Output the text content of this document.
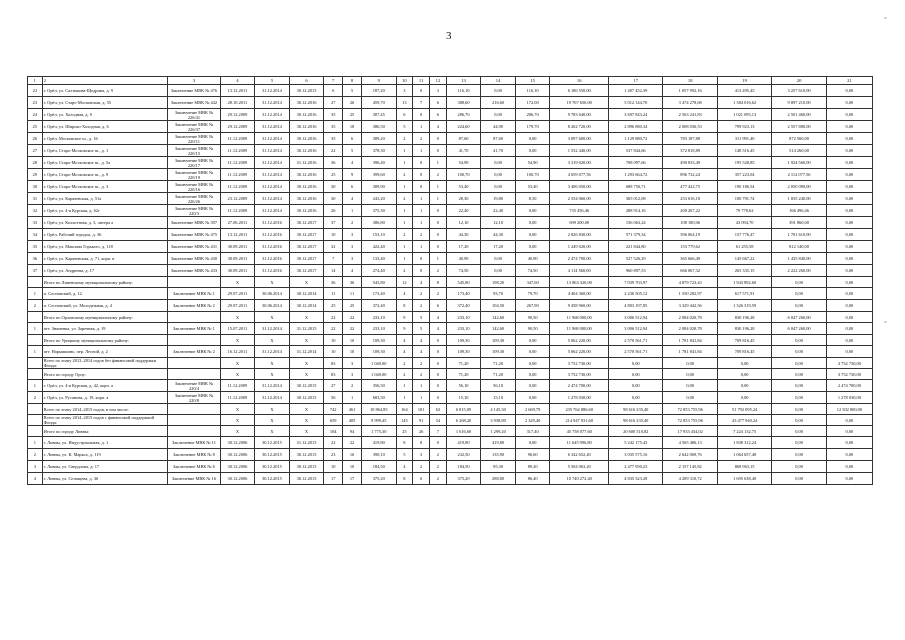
3
˚
˚
1	2	3	4	5	6	7	8	9	10	11	12	13	14	15	16	17	18	19	20	21
22	г. Орёл, ул. Салтыкова-Щедрина, д. 9	Заключение МВК № 476	13.12.2011	31.12.2014	30.12.2015	6	5	187,20	3	0	3	116,10	0,00	116,10	6 186 550,00	1 407 452,39	1 057 992,16	413 495,45	3 257 610,00	0,00
23	г. Орёл, ул. Старо-Московская, д. 55	Заключение МВК № 442	28.10.2011	31.12.2014	30.12.2016	27	26	459,70	13	7	6	388,60	216,60	172,00	19 767 650,00	5 012 144,70	3 474 278,68	1 384 016,62	9 897 210,00	0,00
24	г. Орёл, ул. Холодная, д. 9	Заключение МВК № 226/41	29.12.2009	31.12.2014	30.12.2016	35	25	387,45	6	0	6	286,70	0,00	286,70	9 783 640,00	3 697 843,24	2 563 241,83	1 021 095,13	2 501 460,00	0,00
25	г. Орёл, ул. Широко-Холодная, д. 6	Заключение МВК № 226/37	29.12.2009	31.12.2014	30.12.2016	35	18	386,50	5	1	4	224,60	44,90	179,70	8 262 720,00	2 896 880,34	2 008 036,53	799 923,13	2 557 880,00	0,00
26	г. Орёл, Московское ш., д. 16	Заключение МВК № 220/11	11.12.2009	31.12.2014	30.12.2016	35	6	389,20	2	2	0	87,60	87,60	0,00	3 097 600,00	1 129 880,72	783 187,88	311 991,40	872 560,00	0,00
27	г. Орёл, Старо-Московское ш., д. 1	Заключение МВК № 220/15	11.12.2009	31.12.2014	30.12.2016	22	5	378,30	1	1	0	41,70	41,70	0,00	1 532 440,00	537 844,66	372 818,89	148 516,45	514 260,00	0,00
28	г. Орёл, Старо-Московское ш., д. 5а	Заключение МВК № 220/17	11.12.2009	31.12.2014	31.12.2016	36	4	396,40	1	0	1	54,90	0,00	54,90	3 319 020,00	708 097,66	490 833,49	195 528,85	1 924 560,00	0,00
29	г. Орёл, Старо-Московское ш., д. 9	Заключение МВК № 220/19	11.12.2009	31.12.2014	30.12.2016	25	9	399,60	2	0	2	100,70	0,00	100,70	4 659 077,56	1 293 664,72	896 732,24	357 223,04	2 112 077,56	0,00
30	г. Орёл, Старо-Московское ш., д. 3	Заключение МВК № 220/16	11.12.2009	31.12.2014	30.12.2016	30	6	389,90	1	0	1	53,40	0,00	53,40	3 406 050,00	688 750,71	477 422,75	190 186,54	2 050 090,00	0,00
31	г. Орёл, ул. Карачевская, д. 51а	Заключение МВК № 226/26	23.12.2009	31.12.2014	30.12.2016	30	4	243,20	2	1	1	28,30	19,80	8,50	2 554 060,00	365 012,08	253 016,18	100 791,74	1 835 240,00	0,00
32	г. Орёл, ул. 4-я Курская, д. 62г	Заключение МВК № 220/3	11.12.2009	31.12.2014	30.12.2016	26	1	375,30	1	1	0	22,40	22,40	0,00	735 456,46	288 914,16	200 267,22	79 778,62	166 496,46	0,00
33	г. Орёл, ул. Колхозтная, д. 3, литера а	Заключение МВК № 397	27.06.2011	31.12.2016	30.12.2017	37	2	386,80	1	1	0	12,10	12,10	0,00	699 200,00	156 063,24	108 180,06	43 094,70	391 860,00	0,00
34	г. Орёл, Рабочий городок, д. 36	Заключение МВК № 475	13.12.2011	31.12.2016	30.12.2017	10	3	153,10	2	2	0	44,30	44,30	0,00	2 826 830,00	571 379,34	396 064,19	157 776,47	1 701 610,00	0,00
35	г. Орёл, ул. Максима Горького, д. 118	Заключение МВК № 431	30.09.2011	31.12.2016	30.12.2017	32	3	422,40	1	1	0	17,20	17,20	0,00	1 249 020,00	221 844,80	153 779,62	61 255,58	812 140,00	0,00
36	г. Орёл, ул. Карачевская, д. 71, корп. в	Заключение МВК № 430	30.09.2011	31.12.2016	30.12.2017	7	3	133,40	1	0	1	40,90	0,00	40,90	2 474 700,00	527 526,29	365 666,49	145 667,22	1 435 840,00	0,00
37	г. Орёл, ул. Андреева, д. 17	Заключение МВК № 433	30.09.2011	31.12.2016	30.12.2017	14	4	274,40	2	0	2	74,50	0,00	74,50	4 114 560,00	960 897,53	666 067,32	265 335,15	2 222 260,00	0,00
	Итого по Ливенскому муниципальному району:		X	X	X	36	36	545,80	12	4	8	545,80	198,20	347,60	13 863 320,00	7 039 703,97	4 879 723,43	1 943 892,60	0,00	0,00
1	п. Сосновский, д. 12	Заключение МВК № 1	29.07.2011	30.06.2014	30.12.2014	11	11	173,40	4	2	2	173,40	93,70	79,70	4 404 360,00	2 236 505,12	1 550 282,97	617 571,91	0,00	0,00
2	п. Сосновский, ул. Молодежная, д. 4	Заключение МВК № 2	29.07.2011	30.06.2014	30.12.2014	25	25	372,40	8	2	6	372,40	104,50	267,90	9 458 960,00	4 803 197,85	3 329 442,56	1 326 319,59	0,00	0,00
	Итого по Орловскому муниципальному району:		X	X	X	22	22	233,10	9	5	4	233,10	142,60	90,50	11 968 000,00	3 006 512,94	2 084 020,78	830 196,28	6 047 260,00	0,00
1	пгт. Знаменка, ул. Заречная, д. 19	Заключение МВК № 1	15.07.2011	31.12.2014	31.12.2015	22	22	233,10	9	5	4	233,10	142,60	90,50	11 968 000,00	3 006 512,94	2 084 020,78	830 196,28	6 047 260,00	0,00
	Итого по Урицкому муниципальному району:		X	X	X	10	10	109,30	4	4	0	109,30	109,30	0,00	5 062 220,00	2 570 561,71	1 781 841,84	709 816,45	0,00	0,00
1	пгт. Нарышкино, пер. Лесной, д. 2	Заключение МВК № 2	16.12.2011	31.12.2014	31.12.2014	10	10	109,30	4	4	0	109,30	109,30	0,00	5 062 220,00	2 570 561,71	1 781 841,84	709 816,45	0,00	0,00
	Всего по этапу 2013–2014 годов без финансовой поддержки Фонда:		X	X	X	83	3	1 040,00	2	2	0	71,20	71,20	0,00	3 752 730,00	0,00	0,00	0,00	0,00	3 752 730,00
	Итого по городу Орлу:		X	X	X	83	3	1 040,00	2	2	0	71,20	71,20	0,00	3 752 730,00	0,00	0,00	0,00	0,00	3 752 730,00
1	г. Орёл, ул. 4-я Курская, д. 42, корп. а	Заключение МВК № 220/4	11.12.2009	31.12.2014	30.12.2015	27	2	356,50	1	1	0	56,10	56,10	0,00	2 474 700,00	0,00	0,00	0,00	0,00	2 474 700,00
2	г. Орёл, ул. Русанова, д. 19, корп. а	Заключение МВК № 220/8	11.12.2009	31.12.2014	30.12.2015	56	1	683,50	1	1	0	15,10	15,10	0,00	1 278 030,00	0,00	0,00	0,00	0,00	1 278 030,00
	Всего по этапу 2014–2015 годов, в том числе:		X	X	X	742	461	10 864,85	164	101	63	6 815,09	4 145,30	2 669,79	235 764 886,60	98 616 235,40	72 853 755,96	51 792 095,24	0,00	12 502 800,00
	Всего по этапу 2014–2015 годов с финансовой поддержкой Фонда:		X	X	X	659	405	9 999,45	145	91	54	6 268,20	3 938,80	2 329,40	214 947 931,60	98 616 235,40	72 853 755,96	43 477 940,24	0,00	0,00
	Итого по городу Ливны:		X	X	X	104	94	1 775,30	25	26	7	1 616,60	1 299,20	317,40	45 758 077,60	20 600 510,82	17 933 434,02	7 224 132,75	0,00	0,00
1	г. Ливны, ул. Индустриальная, д. 1	Заключение МВК № 11	30.12.2006	30.12.2015	31.12.2015	22	22	419,80	8	8	0	419,80	419,80	0,00	11 645 996,80	5 242 175,43	4 565 486,13	1 838 312,24	0,00	0,00
2	г. Ливны, ул. К. Маркса, д. 119	Заключение МВК № 8	30.12.2006	30.12.2015	30.12.2015	23	16	390,10	5	3	2	232,50	135,90	96,60	6 342 652,40	3 035 575,16	2 642 069,76	1 064 657,48	0,00	0,00
3	г. Ливны, ул. Свердлова, д. 17	Заключение МВК № 6	30.12.2006	30.12.2015	30.12.2015	10	10	184,50	4	2	2	184,50	95,30	89,20	5 504 063,20	2 477 950,23	2 157 145,82	868 963,15	0,00	0,00
4	г. Ливны, ул. Селищева, д. 36	Заключение МВК № 16	30.12.2006	30.12.2015	30.12.2015	17	17	375,20	8	6	2	375,20	288,80	86,40	10 740 272,40	4 835 323,28	4 209 310,72	1 695 638,40	0,00	0,00
